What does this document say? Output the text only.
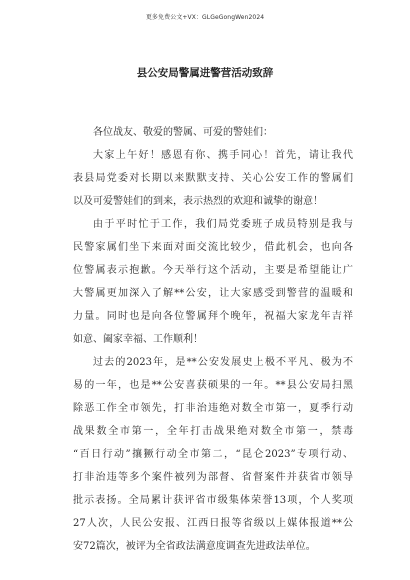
更多免费公文+VX：GLGeGongWen2024
县公安局警属进警营活动致辞
各位战友、敬爱的警属、可爱的警娃们：
大家上午好！感恩有你、携手同心！首先，请让我代
表县局党委对长期以来默默支持、关心公安工作的警属们
以及可爱警娃们的到来，表示热烈的欢迎和诚挚的谢意！
由于平时忙于工作，我们局党委班子成员特别是我与
民警家属们坐下来面对面交流比较少，借此机会，也向各
位警属表示抱歉。今天举行这个活动，主要是希望能让广
大警属更加深入了解**公安，让大家感受到警营的温暖和
力量。同时也是向各位警属拜个晚年，祝福大家龙年吉祥
如意、阖家幸福、工作顺利！
过去的2023年，是**公安发展史上极不平凡、极为不
易的一年，也是**公安喜获硕果的一年。**县公安局扫黑
除恶工作全市领先，打非治违绝对数全市第一，夏季行动
战果数全市第一，全年打击战果绝对数全市第一，禁毒
“百日行动”攘獗行动全市第二，“昆仑2023”专项行动、
打非治违等多个案件被列为部督、省督案件并获省市领导
批示表扬。全局累计获评省市级集体荣誉13项，个人奖项
27人次，人民公安报、江西日报等省级以上媒体报道**公
安72篇次，被评为全省政法满意度调查先进政法单位。
